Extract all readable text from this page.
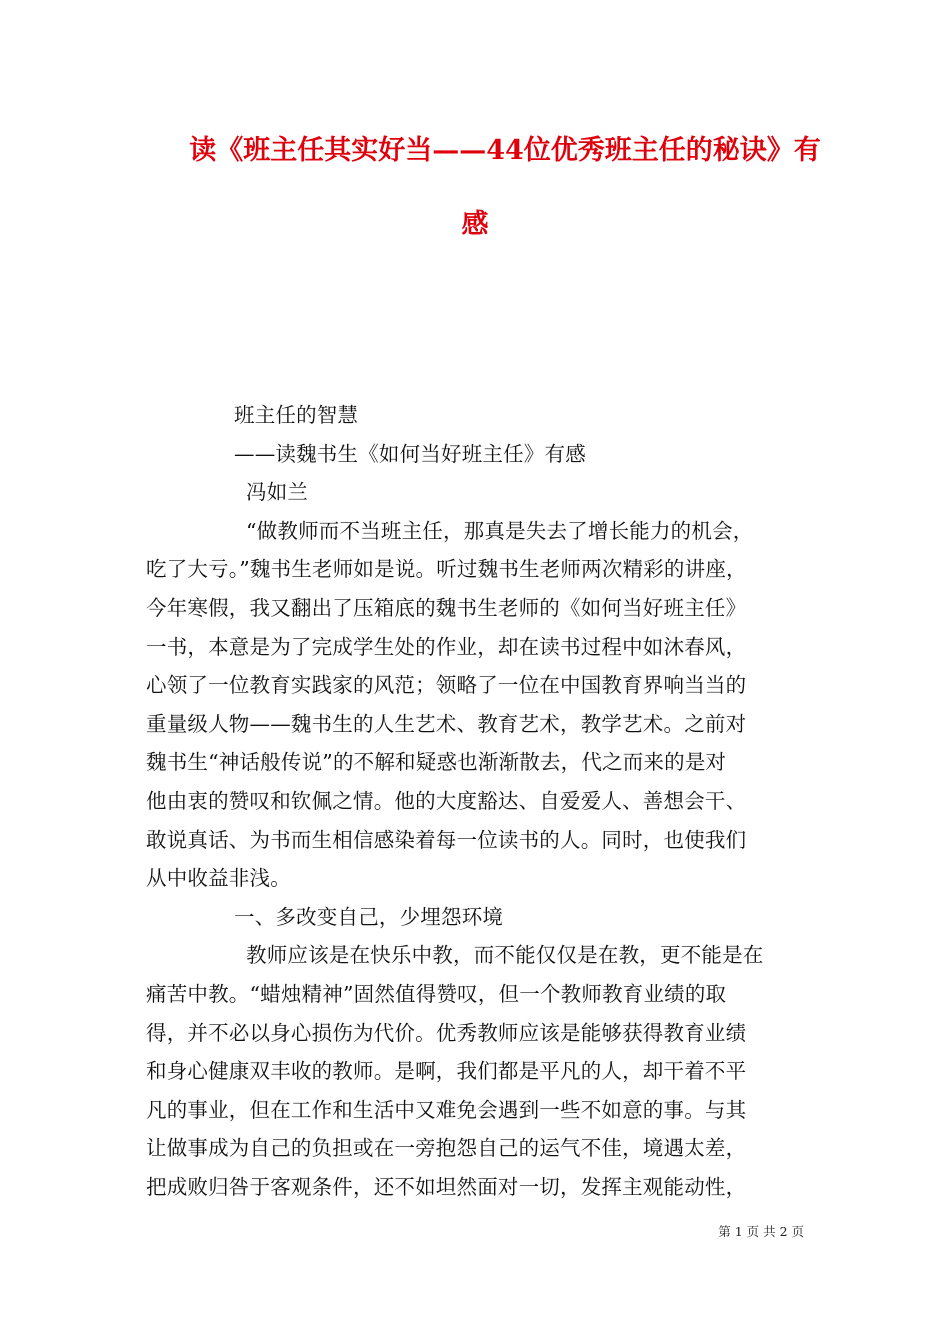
读《班主任其实好当——44位优秀班主任的秘诀》有
感
班主任的智慧
——读魏书生《如何当好班主任》有感
冯如兰
“做教师而不当班主任，那真是失去了增长能力的机会，
吃了大亏。”魏书生老师如是说。听过魏书生老师两次精彩的讲座，
今年寒假，我又翻出了压箱底的魏书生老师的《如何当好班主任》
一书，本意是为了完成学生处的作业，却在读书过程中如沐春风，
心领了一位教育实践家的风范；领略了一位在中国教育界响当当的
重量级人物——魏书生的人生艺术、教育艺术，教学艺术。之前对
魏书生“神话般传说”的不解和疑惑也渐渐散去，代之而来的是对
他由衷的赞叹和钦佩之情。他的大度豁达、自爱爱人、善想会干、
敢说真话、为书而生相信感染着每一位读书的人。同时，也使我们
从中收益非浅。
一、多改变自己，少埋怨环境
教师应该是在快乐中教，而不能仅仅是在教，更不能是在
痛苦中教。“蜡烛精神”固然值得赞叹，但一个教师教育业绩的取
得，并不必以身心损伤为代价。优秀教师应该是能够获得教育业绩
和身心健康双丰收的教师。是啊，我们都是平凡的人，却干着不平
凡的事业，但在工作和生活中又难免会遇到一些不如意的事。与其
让做事成为自己的负担或在一旁抱怨自己的运气不佳，境遇太差，
把成败归咎于客观条件，还不如坦然面对一切，发挥主观能动性，
第 1 页 共 2 页
